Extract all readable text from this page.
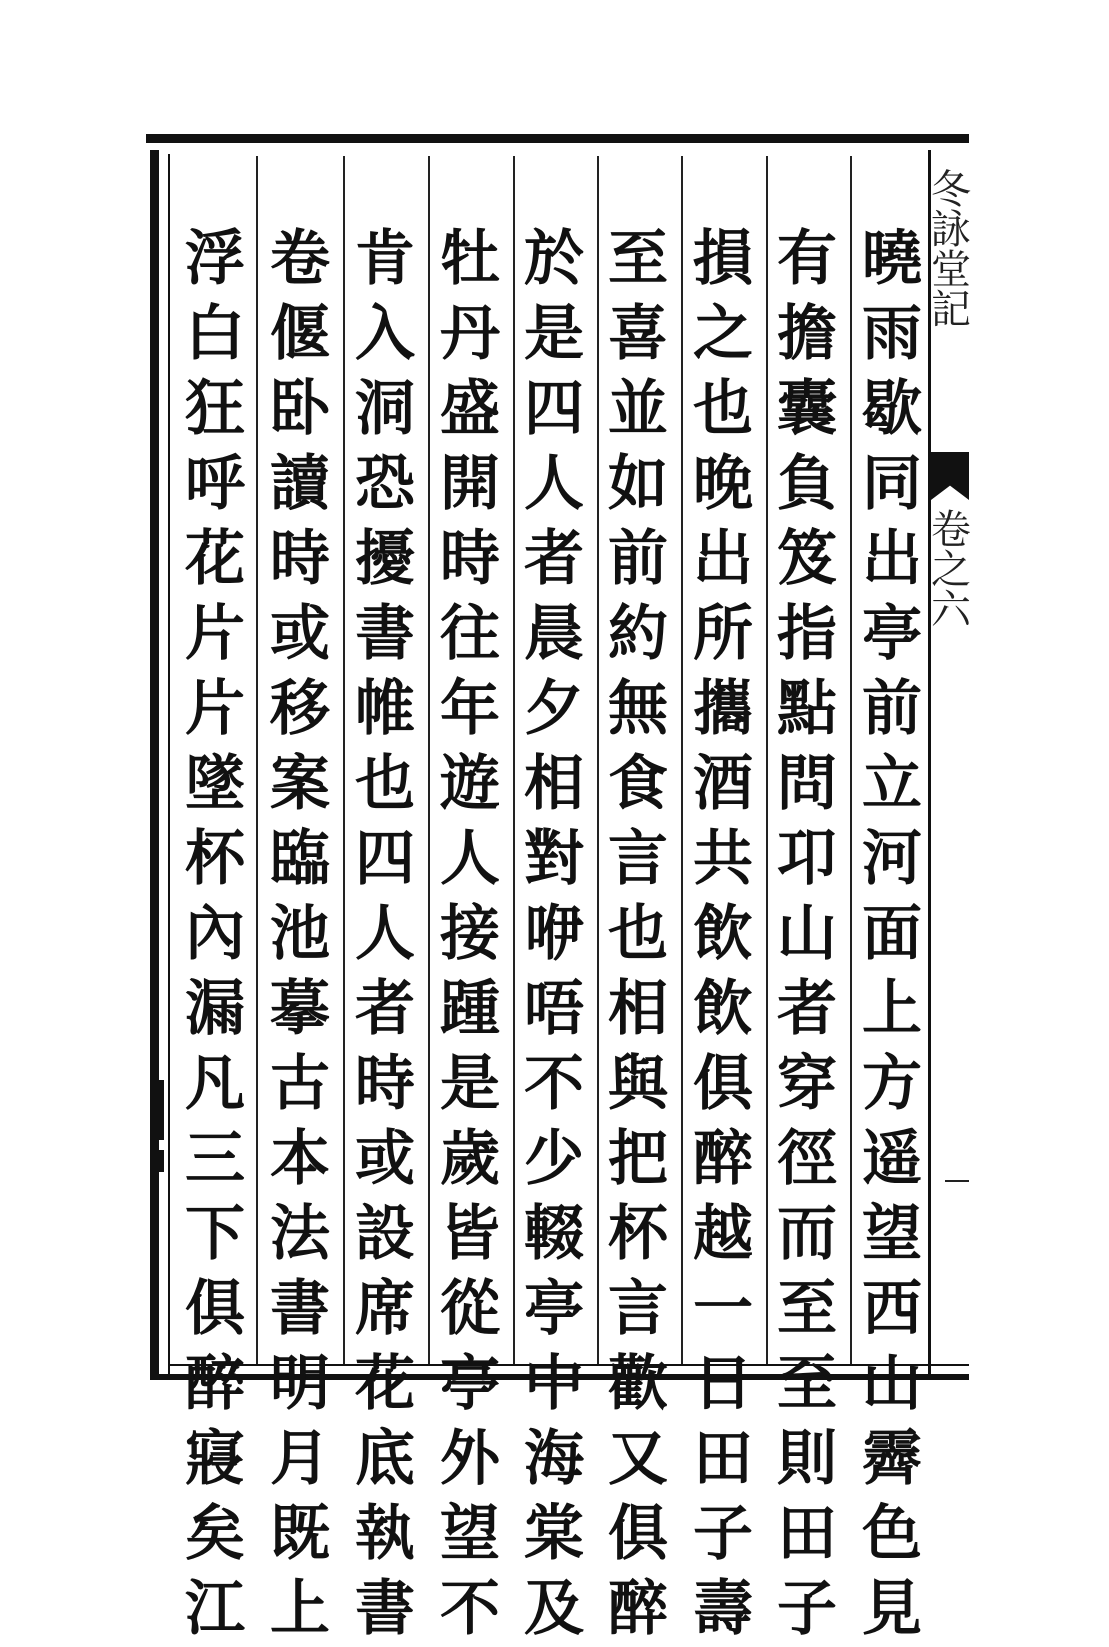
曉
雨
歇
同
出
亭
前
立
河
面
上
方
遥
望
西
山
霽
色
見
有
擔
囊
負
笈
指
點
問
卭
山
者
穿
徑
而
至
至
則
田
子
損
之
也
晚
出
所
攜
酒
共
飲
飲
俱
醉
越
一
日
田
子
壽
至
喜
並
如
前
約
無
食
言
也
相
與
把
杯
言
歡
又
俱
醉
於
是
四
人
者
晨
夕
相
對
咿
唔
不
少
輟
亭
中
海
棠
及
牡
丹
盛
開
時
往
年
遊
人
接
踵
是
歲
皆
從
亭
外
望
不
肯
入
洞
恐
擾
書
帷
也
四
人
者
時
或
設
席
花
底
執
書
卷
偃
卧
讀
時
或
移
案
臨
池
摹
古
本
法
書
明
月
既
上
浮
白
狂
呼
花
片
片
墜
杯
內
漏
凡
三
下
俱
醉
寢
矣
江
冬
詠
堂
記
卷
之
六
